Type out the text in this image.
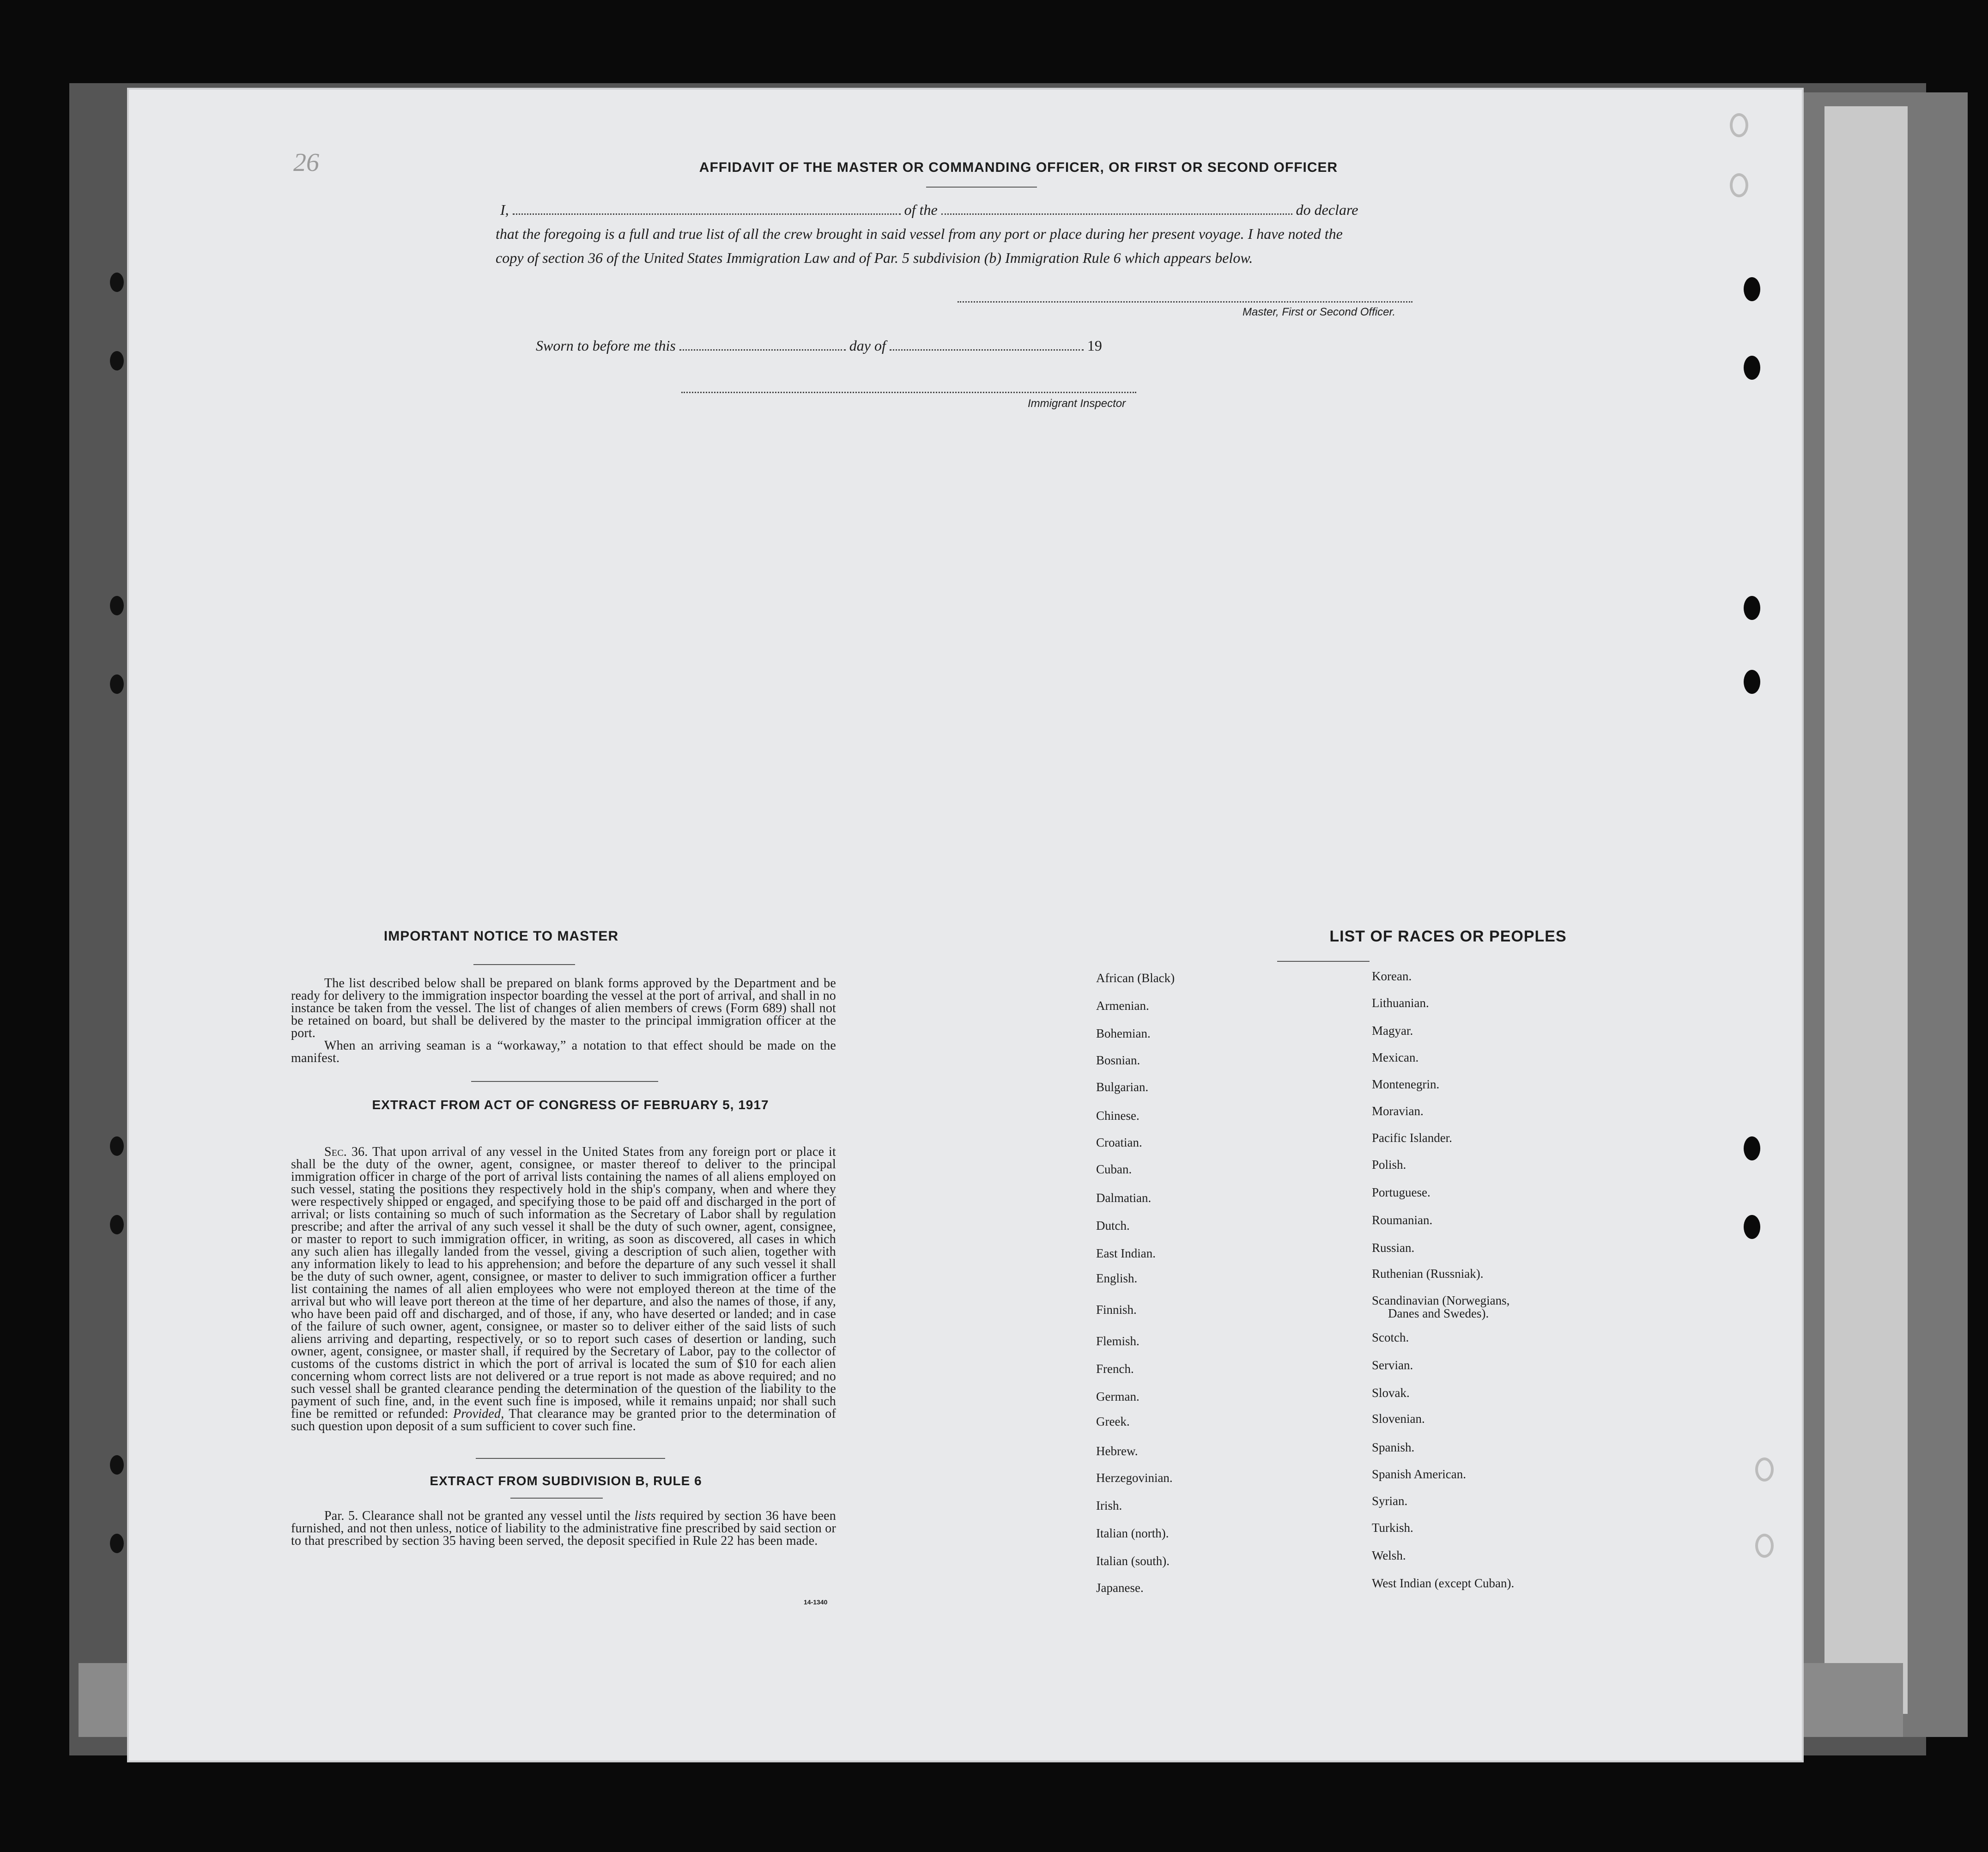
26	AFFIDAVIT OF THE MASTER OR COMMANDING OFFICER, OR FIRST OR SECOND OFFICER
I,	of the	do declare
that the foregoing is a full and true list of all the crew brought in said vessel from any port or place during her present voyage. I have noted the
copy of section 36 of the United States Immigration Law and of Par. 5 subdivision (b) Immigration Rule 6 which appears below.
Master, First or Second Officer.
Sworn to before me this	day of	19
Immigrant Inspector
IMPORTANT NOTICE TO MASTER

The list described below shall be prepared on blank forms approved by the Department and be ready for delivery to the immigration inspector boarding the vessel at the port of arrival, and shall in no instance be taken from the vessel. The list of changes of alien members of crews (Form 689) shall not be retained on board, but shall be delivered by the master to the principal immigration officer at the port.

When an arriving seaman is a “workaway,” a notation to that effect should be made on the manifest.

EXTRACT FROM ACT OF CONGRESS OF FEBRUARY 5, 1917

Sec. 36. That upon arrival of any vessel in the United States from any foreign port or place it shall be the duty of the owner, agent, consignee, or master thereof to deliver to the principal immigration officer in charge of the port of arrival lists containing the names of all aliens employed on such vessel, stating the positions they respectively hold in the ship's company, when and where they were respectively shipped or engaged, and specifying those to be paid off and discharged in the port of arrival; or lists containing so much of such information as the Secretary of Labor shall by regulation prescribe; and after the arrival of any such vessel it shall be the duty of such owner, agent, consignee, or master to report to such immigration officer, in writing, as soon as discovered, all cases in which any such alien has illegally landed from the vessel, giving a description of such alien, together with any information likely to lead to his apprehension; and before the departure of any such vessel it shall be the duty of such owner, agent, consignee, or master to deliver to such immigration officer a further list containing the names of all alien employees who were not employed thereon at the time of the arrival but who will leave port thereon at the time of her departure, and also the names of those, if any, who have been paid off and discharged, and of those, if any, who have deserted or landed; and in case of the failure of such owner, agent, consignee, or master so to deliver either of the said lists of such aliens arriving and departing, respectively, or so to report such cases of desertion or landing, such owner, agent, consignee, or master shall, if required by the Secretary of Labor, pay to the collector of customs of the customs district in which the port of arrival is located the sum of $10 for each alien concerning whom correct lists are not delivered or a true report is not made as above required; and no such vessel shall be granted clearance pending the determination of the question of the liability to the payment of such fine, and, in the event such fine is imposed, while it remains unpaid; nor shall such fine be remitted or refunded: Provided, That clearance may be granted prior to the determination of such question upon deposit of a sum sufficient to cover such fine.

EXTRACT FROM SUBDIVISION B, RULE 6

Par. 5. Clearance shall not be granted any vessel until the lists required by section 36 have been furnished, and not then unless, notice of liability to the administrative fine prescribed by said section or to that prescribed by section 35 having been served, the deposit specified in Rule 22 has been made.

14-1340
LIST OF RACES OR PEOPLES
African (Black)
Armenian.
Bohemian.
Bosnian.
Bulgarian.
Chinese.
Croatian.
Cuban.
Dalmatian.
Dutch.
East Indian.
English.
Finnish.
Flemish.
French.
German.
Greek.
Hebrew.
Herzegovinian.
Irish.
Italian (north).
Italian (south).
Japanese.
Korean.
Lithuanian.
Magyar.
Mexican.
Montenegrin.
Moravian.
Pacific Islander.
Polish.
Portuguese.
Roumanian.
Russian.
Ruthenian (Russniak).
Scandinavian (Norwegians,
Danes and Swedes).
Scotch.
Servian.
Slovak.
Slovenian.
Spanish.
Spanish American.
Syrian.
Turkish.
Welsh.
West Indian (except Cuban).
